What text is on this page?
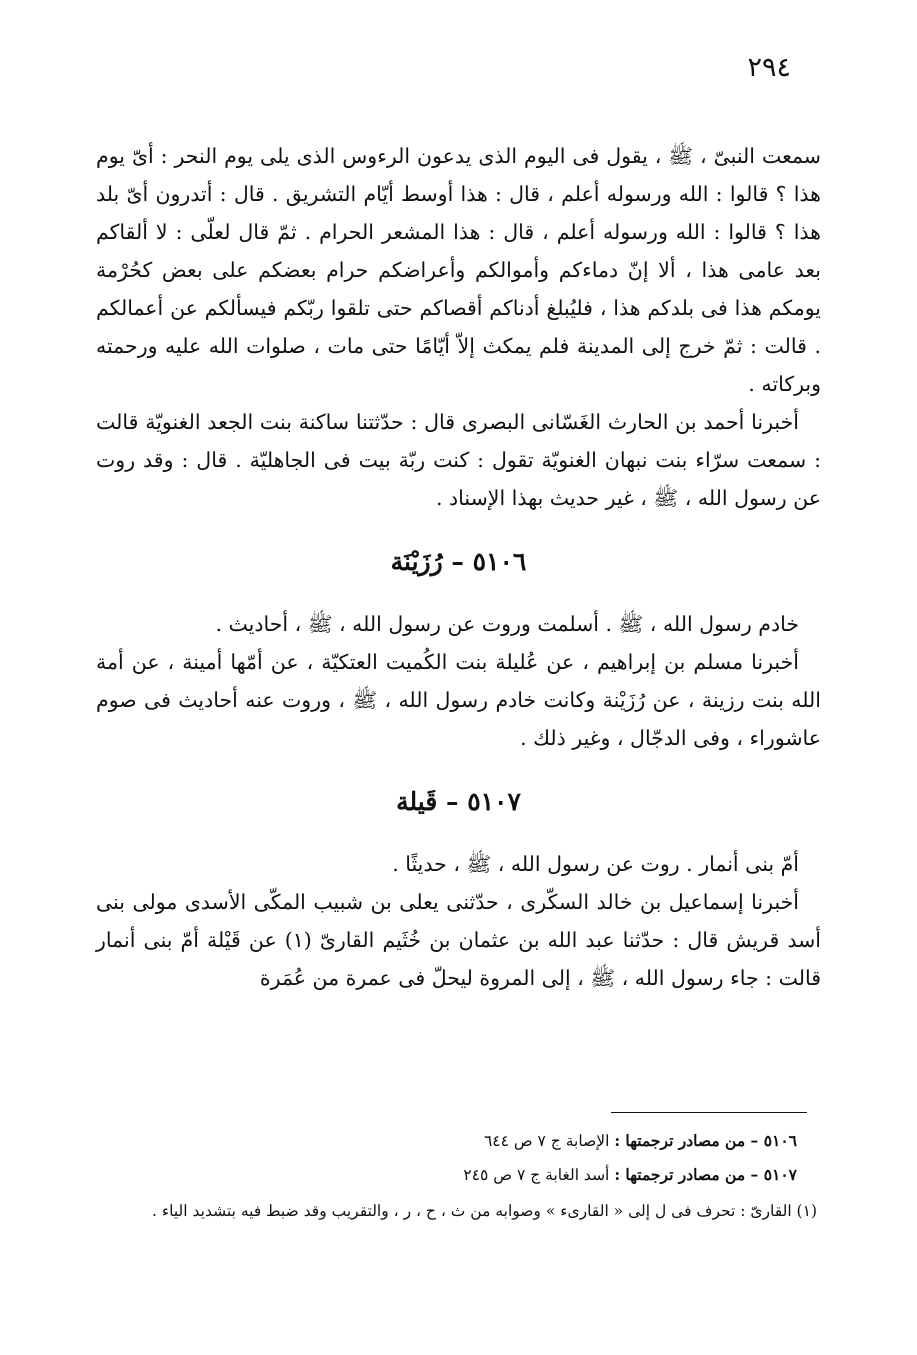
٢٩٤

سمعت النبىّ ، ﷺ ، يقول فى اليوم الذى يدعون الرءوس الذى يلى يوم النحر : أىّ يوم هذا ؟ قالوا : الله ورسوله أعلم ، قال : هذا أوسط أيّام التشريق . قال : أتدرون أىّ بلد هذا ؟ قالوا : الله ورسوله أعلم ، قال : هذا المشعر الحرام . ثمّ قال لعلّى : لا ألقاكم بعد عامى هذا ، ألا إنّ دماءكم وأموالكم وأعراضكم حرام بعضكم على بعض كحُرْمة يومكم هذا فى بلدكم هذا ، فليُبلغ أدناكم أقصاكم حتى تلقوا ربّكم فيسألكم عن أعمالكم . قالت : ثمّ خرج إلى المدينة فلم يمكث إلاّ أيّامًا حتى مات ، صلوات الله عليه ورحمته وبركاته .

أخبرنا أحمد بن الحارث الغَسّانى البصرى قال : حدّثتنا ساكنة بنت الجعد الغنويّة قالت : سمعت سرّاء بنت نبهان الغنويّة تقول : كنت ربّة بيت فى الجاهليّة . قال : وقد روت عن رسول الله ، ﷺ ، غير حديث بهذا الإسناد .

٥١٠٦ – رُزَيْنَة

خادم رسول الله ، ﷺ . أسلمت وروت عن رسول الله ، ﷺ ، أحاديث .

أخبرنا مسلم بن إبراهيم ، عن عُليلة بنت الكُميت العتكيّة ، عن أمّها أمينة ، عن أمة الله بنت رزينة ، عن رُزَيْنة وكانت خادم رسول الله ، ﷺ ، وروت عنه أحاديث فى صوم عاشوراء ، وفى الدجّال ، وغير ذلك .

٥١٠٧ – قَيلة

أمّ بنى أنمار . روت عن رسول الله ، ﷺ ، حديثًا .

أخبرنا إسماعيل بن خالد السكّرى ، حدّثنى يعلى بن شبيب المكّى الأسدى مولى بنى أسد قريش قال : حدّثنا عبد الله بن عثمان بن خُثَيم القارىّ (١) عن قَيْلة أمّ بنى أنمار قالت : جاء رسول الله ، ﷺ ، إلى المروة ليحلّ فى عمرة من عُمَرة

٥١٠٦ – من مصادر ترجمتها : الإصابة ج ٧ ص ٦٤٤

٥١٠٧ – من مصادر ترجمتها : أسد الغابة ج ٧ ص ٢٤٥

(١) القارىّ : تحرف فى ل إلى « القارىء » وصوابه من ث ، ح ، ر ، والتقريب وقد ضبط فيه بتشديد الياء .
